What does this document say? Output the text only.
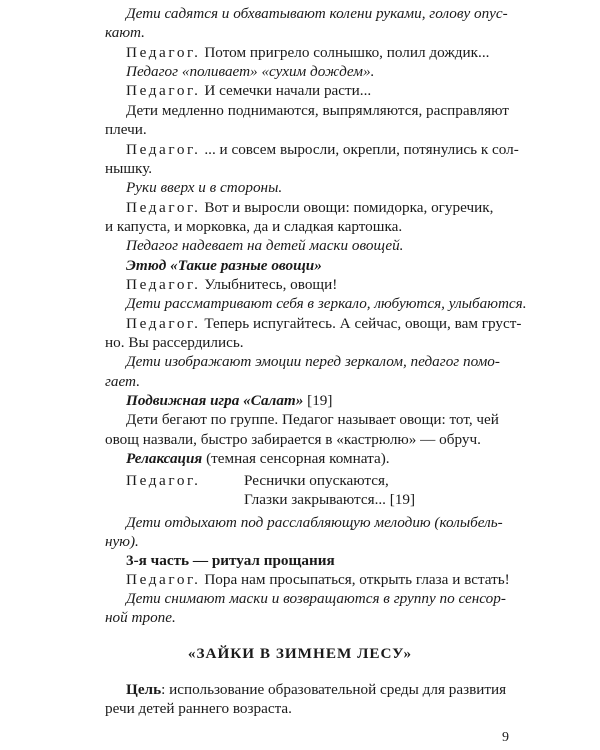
Дети садятся и обхватывают колени руками, голову опус-
кают.
Педагог. Потом пригрело солнышко, полил дождик...
Педагог «поливает» «сухим дождем».
Педагог. И семечки начали расти...
Дети медленно поднимаются, выпрямляются, расправляют
плечи.
Педагог. ... и совсем выросли, окрепли, потянулись к сол-
нышку.
Руки вверх и в стороны.
Педагог. Вот и выросли овощи: помидорка, огуречик,
и капуста, и морковка, да и сладкая картошка.
Педагог надевает на детей маски овощей.
Этюд «Такие разные овощи»
Педагог. Улыбнитесь, овощи!
Дети рассматривают себя в зеркало, любуются, улыбаются.
Педагог. Теперь испугайтесь. А сейчас, овощи, вам груст-
но. Вы рассердились.
Дети изображают эмоции перед зеркалом, педагог помо-
гает.
Подвижная игра «Салат» [19]
Дети бегают по группе. Педагог называет овощи: тот, чей
овощ назвали, быстро забирается в «кастрюлю» — обруч.
Релаксация (темная сенсорная комната).
Педагог.	Реснички опускаются,
Глазки закрываются... [19]
Дети отдыхают под расслабляющую мелодию (колыбель-
ную).
3-я часть — ритуал прощания
Педагог. Пора нам просыпаться, открыть глаза и встать!
Дети снимают маски и возвращаются в группу по сенсор-
ной тропе.
«ЗАЙКИ В ЗИМНЕМ ЛЕСУ»
Цель: использование образовательной среды для развития
речи детей раннего возраста.
9
